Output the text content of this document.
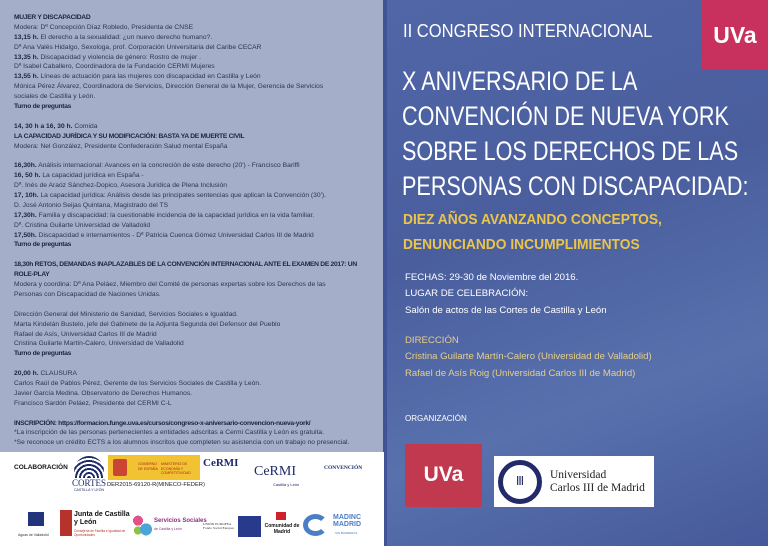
MUJER Y DISCAPACIDAD

Modera: Dª Concepción Díaz Robledo, Presidenta de CNSE

13,15 h. El derecho a la sexualidad: ¿un nuevo derecho humano?.

Dª Ana Valés Hidalgo, Sexologa, prof. Corporación Universitaria del Caribe CECAR

13,35 h. Discapacidad y violencia de género: Rostro de mujer .

Dª Isabel Caballero, Coordinadora de la Fundación CERMI Mujeres

13,55 h. Líneas de actuación para las mujeres con discapacidad en Castilla y León

Mónica Pérez Álvarez, Coordinadora de Servicios, Dirección General de la Mujer, Gerencia de Servicios

sociales de Castilla y León.

Turno de preguntas

14, 30 h a 16, 30 h. Comida

LA CAPACIDAD JURÍDICA Y SU MODIFICACIÓN: BASTA YA DE MUERTE CIVIL

Modera: Nel González, Presidente Confederación Salud mental España

16,30h. Análisis internacional: Avances en la concreción de este derecho (20') - Francisco Bariffi

16, 50 h. La capacidad jurídica en España -

Dª. Inés de Araóz Sánchez-Dopico, Asesora Jurídica de Plena Inclusión

17, 10h. La capacidad jurídica: Análisis desde las principales sentencias que aplican la Convención (30').

D. José Antonio Seijas Quintana, Magistrado del TS

17,30h. Familia y discapacidad: la cuestionable incidencia de la capacidad jurídica en la vida familiar.

Dª. Cristina Guilarte Universidad de Valladolid

17,50h. Discapacidad e internamientos - Dª Patricia Cuenca Gómez Universidad Carlos III de Madrid

Turno de preguntas

18,30h RETOS, DEMANDAS INAPLAZABLES DE LA CONVENCIÓN INTERNACIONAL ANTE EL EXAMEN DE 2017: UN

ROLE-PLAY

Modera y coordina: Dª Ana Peláez, Miembro del Comité de personas expertas sobre los Derechos de las

Personas con Discapacidad de Naciones Unidas.

Dirección General del Ministerio de Sanidad, Servicios Sociales e Igualdad.

Marta Kindelán Bustelo, jefe del Gabinete de la Adjunta Segunda del Defensor del Pueblo

Rafael de Asís, Universidad Carlos III de Madrid

Cristina Guilarte Martín-Calero, Universidad de Valladolid

Turno de preguntas

20,00 h. CLAUSURA

Carlos Raúl de Pablos Pérez, Gerente de los Servicios Sociales de Castilla y León.

Javier García Medina. Observatorio de Derechos Humanos.

Francisco Sardón Peláez, Presidente del CERMI C-L

INSCRIPCIÓN: https://formacion.funge.uva.es/cursos/congreso-x-aniversario-convencion-nueva-york/

*La inscripción de las personas pertenecientes a entidades adscritas a Cermi Castilla y León es gratuita.

*Se reconoce un crédito ECTS a los alumnos inscritos que completen su asistencia con un trabajo no presencial.

COLABORACIÓN
CORTES
CASTILLA Y LEÓN
GOBIERNO DE ESPAÑA MINISTERIO DE ECONOMÍA Y COMPETITIVIDAD
DER2015-69120-R(MINECO-FEDER)
CeRMI
CeRMI
Castilla y León
CONVENCIÓN
Aguas de Valladolid
Junta de Castilla y León
Consejería de Familia e Igualdad de Oportunidades
Servicios Sociales
de Castilla y León
UNIÓN EUROPEA Fondo Social Europeo	Comunidad de Madrid
MADINC MADRID
SIN BARRERAS
UVa
II CONGRESO INTERNACIONAL
X ANIVERSARIO DE LA
CONVENCIÓN DE NUEVA YORK
SOBRE LOS DERECHOS DE LAS
PERSONAS CON DISCAPACIDAD:
DIEZ AÑOS AVANZANDO CONCEPTOS,
DENUNCIANDO INCUMPLIMIENTOS
FECHAS: 29-30 de Noviembre del 2016.
LUGAR DE CELEBRACIÓN:
Salón de actos de las Cortes de Castilla y León
DIRECCIÓN
Cristina Guilarte Martín-Calero (Universidad de Valladolid)
Rafael de Asís Roig (Universidad Carlos III de Madrid)
ORGANIZACIÓN
UVa	Ⅲ	Universidad
Carlos III de Madrid
